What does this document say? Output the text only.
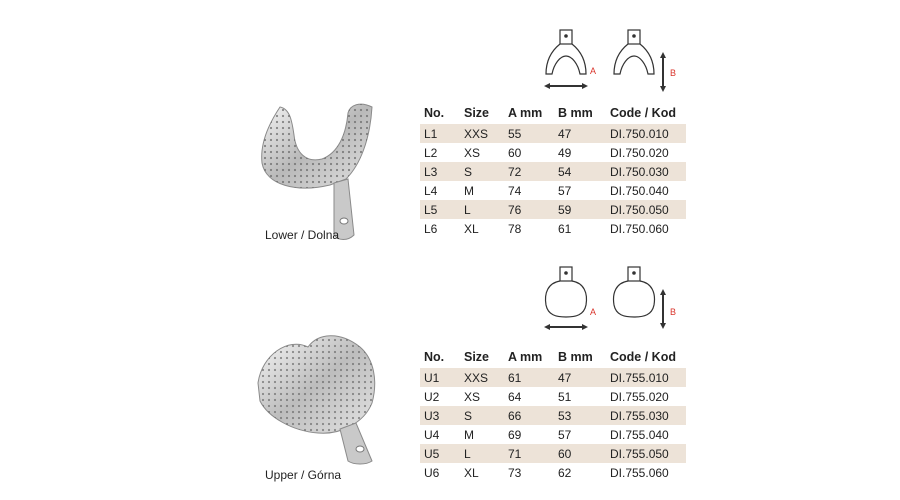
Lower / Dolna
A	B
No.	Size	A mm	B mm	Code / Kod
L1	XXS	55	47	DI.750.010
L2	XS	60	49	DI.750.020
L3	S	72	54	DI.750.030
L4	M	74	57	DI.750.040
L5	L	76	59	DI.750.050
L6	XL	78	61	DI.750.060
Upper / Górna
A	B
No.	Size	A mm	B mm	Code / Kod
U1	XXS	61	47	DI.755.010
U2	XS	64	51	DI.755.020
U3	S	66	53	DI.755.030
U4	M	69	57	DI.755.040
U5	L	71	60	DI.755.050
U6	XL	73	62	DI.755.060
